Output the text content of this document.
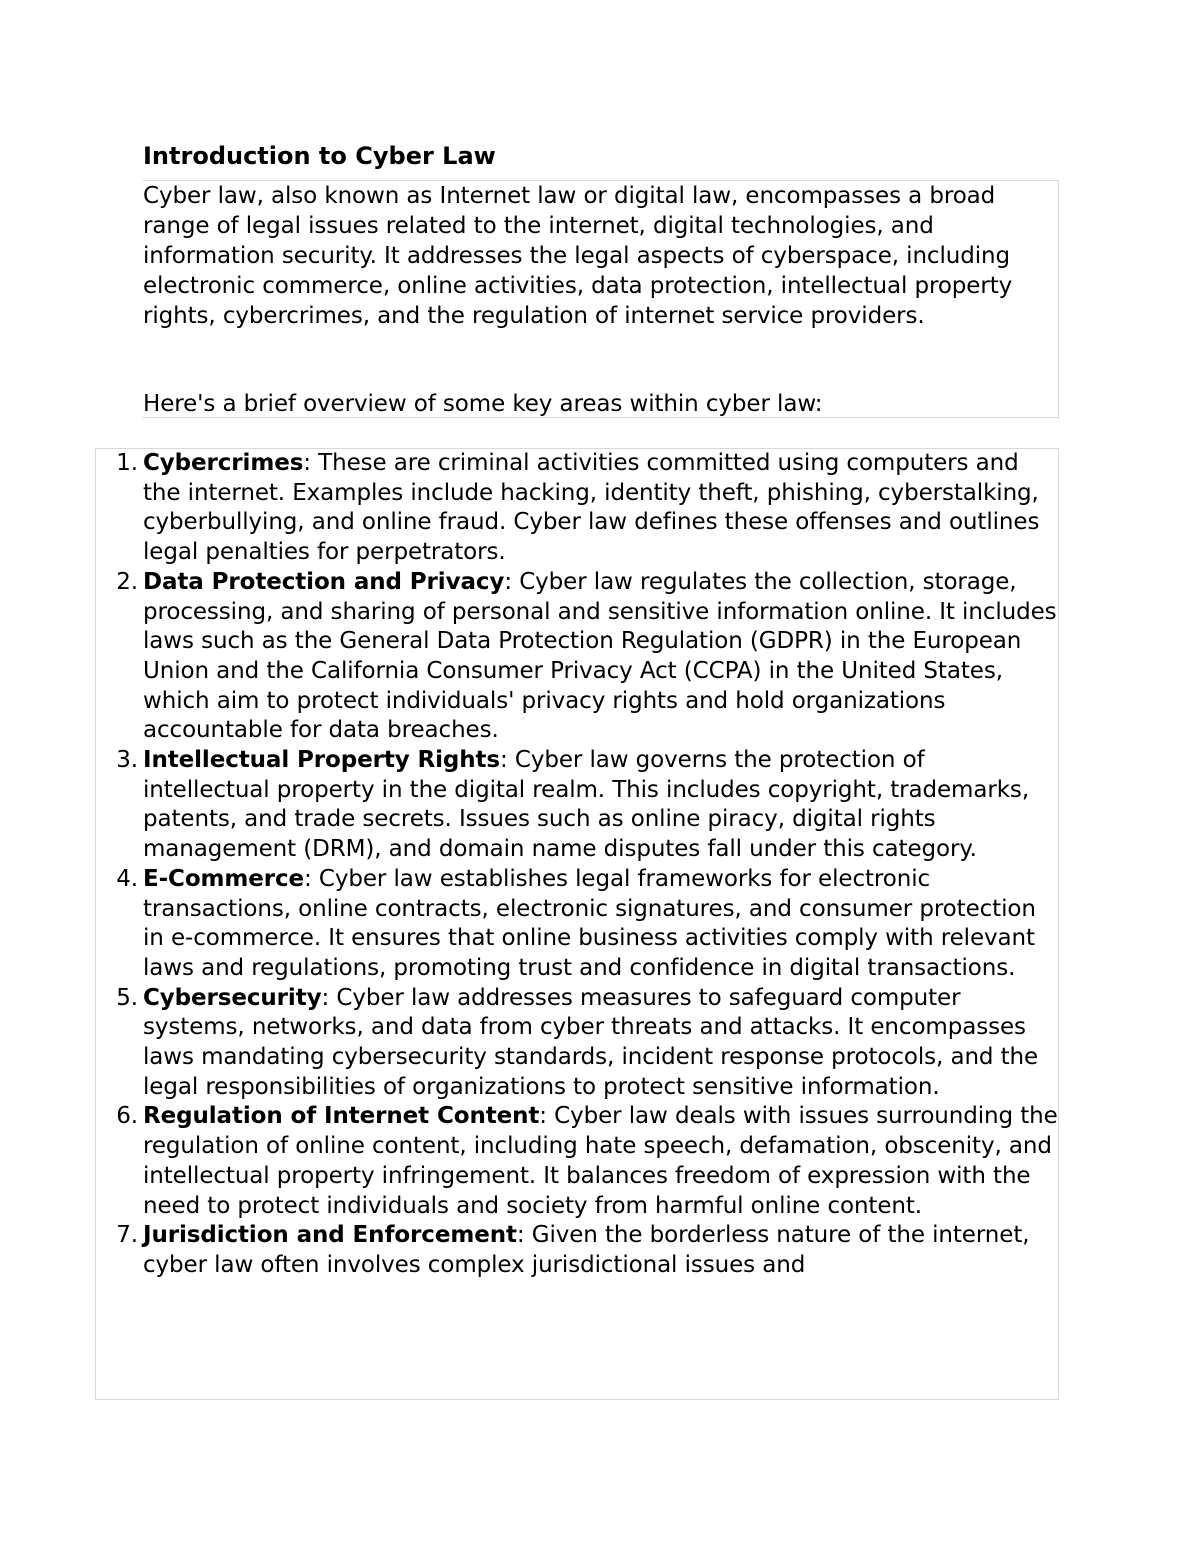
Introduction to Cyber Law

Cyber law, also known as Internet law or digital law, encompasses a broad range of legal issues related to the internet, digital technologies, and information security. It addresses the legal aspects of cyberspace, including electronic commerce, online activities, data protection, intellectual property rights, cybercrimes, and the regulation of internet service providers.

Here's a brief overview of some key areas within cyber law:

1. Cybercrimes: These are criminal activities committed using computers and the internet. Examples include hacking, identity theft, phishing, cyberstalking, cyberbullying, and online fraud. Cyber law defines these offenses and outlines legal penalties for perpetrators.
2. Data Protection and Privacy: Cyber law regulates the collection, storage, processing, and sharing of personal and sensitive information online. It includes laws such as the General Data Protection Regulation (GDPR) in the European Union and the California Consumer Privacy Act (CCPA) in the United States, which aim to protect individuals' privacy rights and hold organizations accountable for data breaches.
3. Intellectual Property Rights: Cyber law governs the protection of intellectual property in the digital realm. This includes copyright, trademarks, patents, and trade secrets. Issues such as online piracy, digital rights management (DRM), and domain name disputes fall under this category.
4. E-Commerce: Cyber law establishes legal frameworks for electronic transactions, online contracts, electronic signatures, and consumer protection in e-commerce. It ensures that online business activities comply with relevant laws and regulations, promoting trust and confidence in digital transactions.
5. Cybersecurity: Cyber law addresses measures to safeguard computer systems, networks, and data from cyber threats and attacks. It encompasses laws mandating cybersecurity standards, incident response protocols, and the legal responsibilities of organizations to protect sensitive information.
6. Regulation of Internet Content: Cyber law deals with issues surrounding the regulation of online content, including hate speech, defamation, obscenity, and intellectual property infringement. It balances freedom of expression with the need to protect individuals and society from harmful online content.
7. Jurisdiction and Enforcement: Given the borderless nature of the internet, cyber law often involves complex jurisdictional issues and
